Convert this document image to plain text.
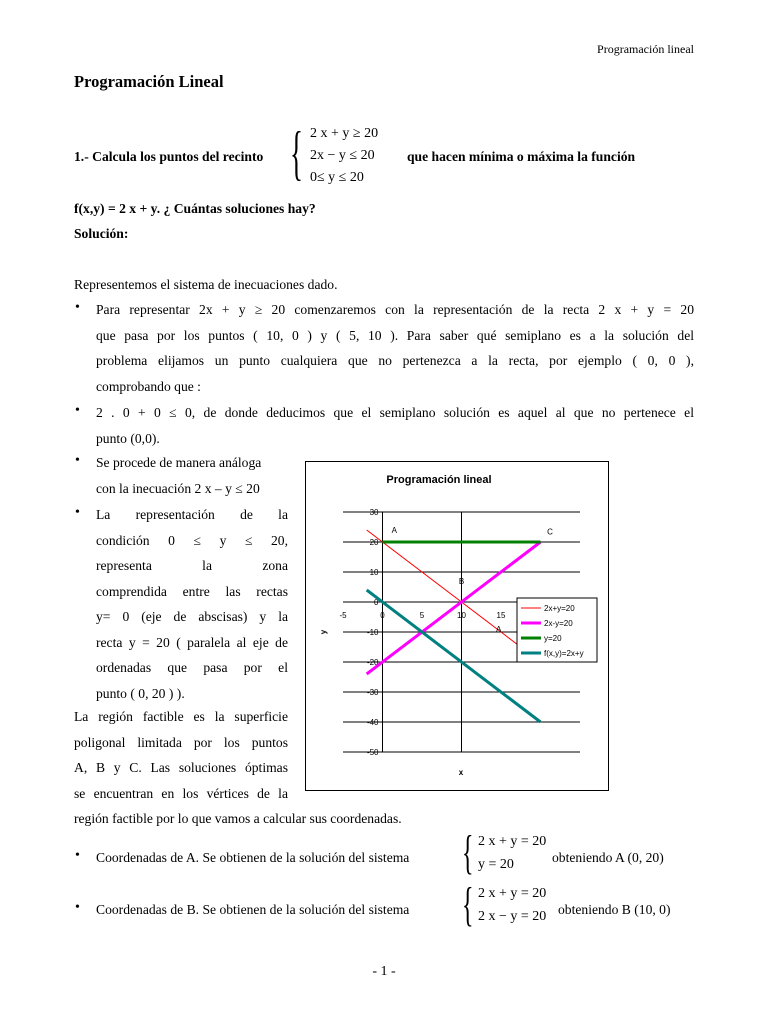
Programación lineal
Programación Lineal
1.- Calcula los puntos del recinto { 2 x + y ≥ 20
2x − y ≤ 20
0≤ y ≤ 20
que hacen mínima o máxima la función
f(x,y) = 2 x + y. ¿ Cuántas soluciones hay?
Solución:
Representemos el sistema de inecuaciones dado.
• Para representar 2x + y ≥ 20 comenzaremos con la representación de la recta 2 x + y = 20
que pasa por los puntos ( 10, 0 ) y ( 5, 10 ). Para saber qué semiplano es a la solución del
problema elijamos un punto cualquiera que no pertenezca a la recta, por ejemplo ( 0, 0 ),
comprobando que :
• 2 . 0 + 0 ≤ 0, de donde deducimos que el semiplano solución es aquel al que no pertenece el
punto (0,0).
• Se procede de manera análoga
con la inecuación 2 x – y ≤ 20
• La representación de la
condición 0 ≤ y ≤ 20,
representa la zona
comprendida entre las rectas
y= 0 (eje de abscisas) y la
recta y = 20 ( paralela al eje de
ordenadas que pasa por el
punto ( 0, 20 ) ).
La región factible es la superficie
poligonal limitada por los puntos
A, B y C. Las soluciones óptimas
se encuentran en los vértices de la
región factible por lo que vamos a calcular sus coordenadas.
Programación lineal
30
20
10
0
-10
-20
-30
-40
-50
-5	0	5	10	15
A	C
B
A
x
y
2x+y=20
2x-y=20
y=20
f(x,y)=2x+y
• Coordenadas de A. Se obtienen de la solución del sistema { 2 x + y = 20
y = 20	obteniendo A (0, 20)
• Coordenadas de B. Se obtienen de la solución del sistema { 2 x + y = 20
2 x − y = 20 obteniendo B (10, 0)
- 1 -
